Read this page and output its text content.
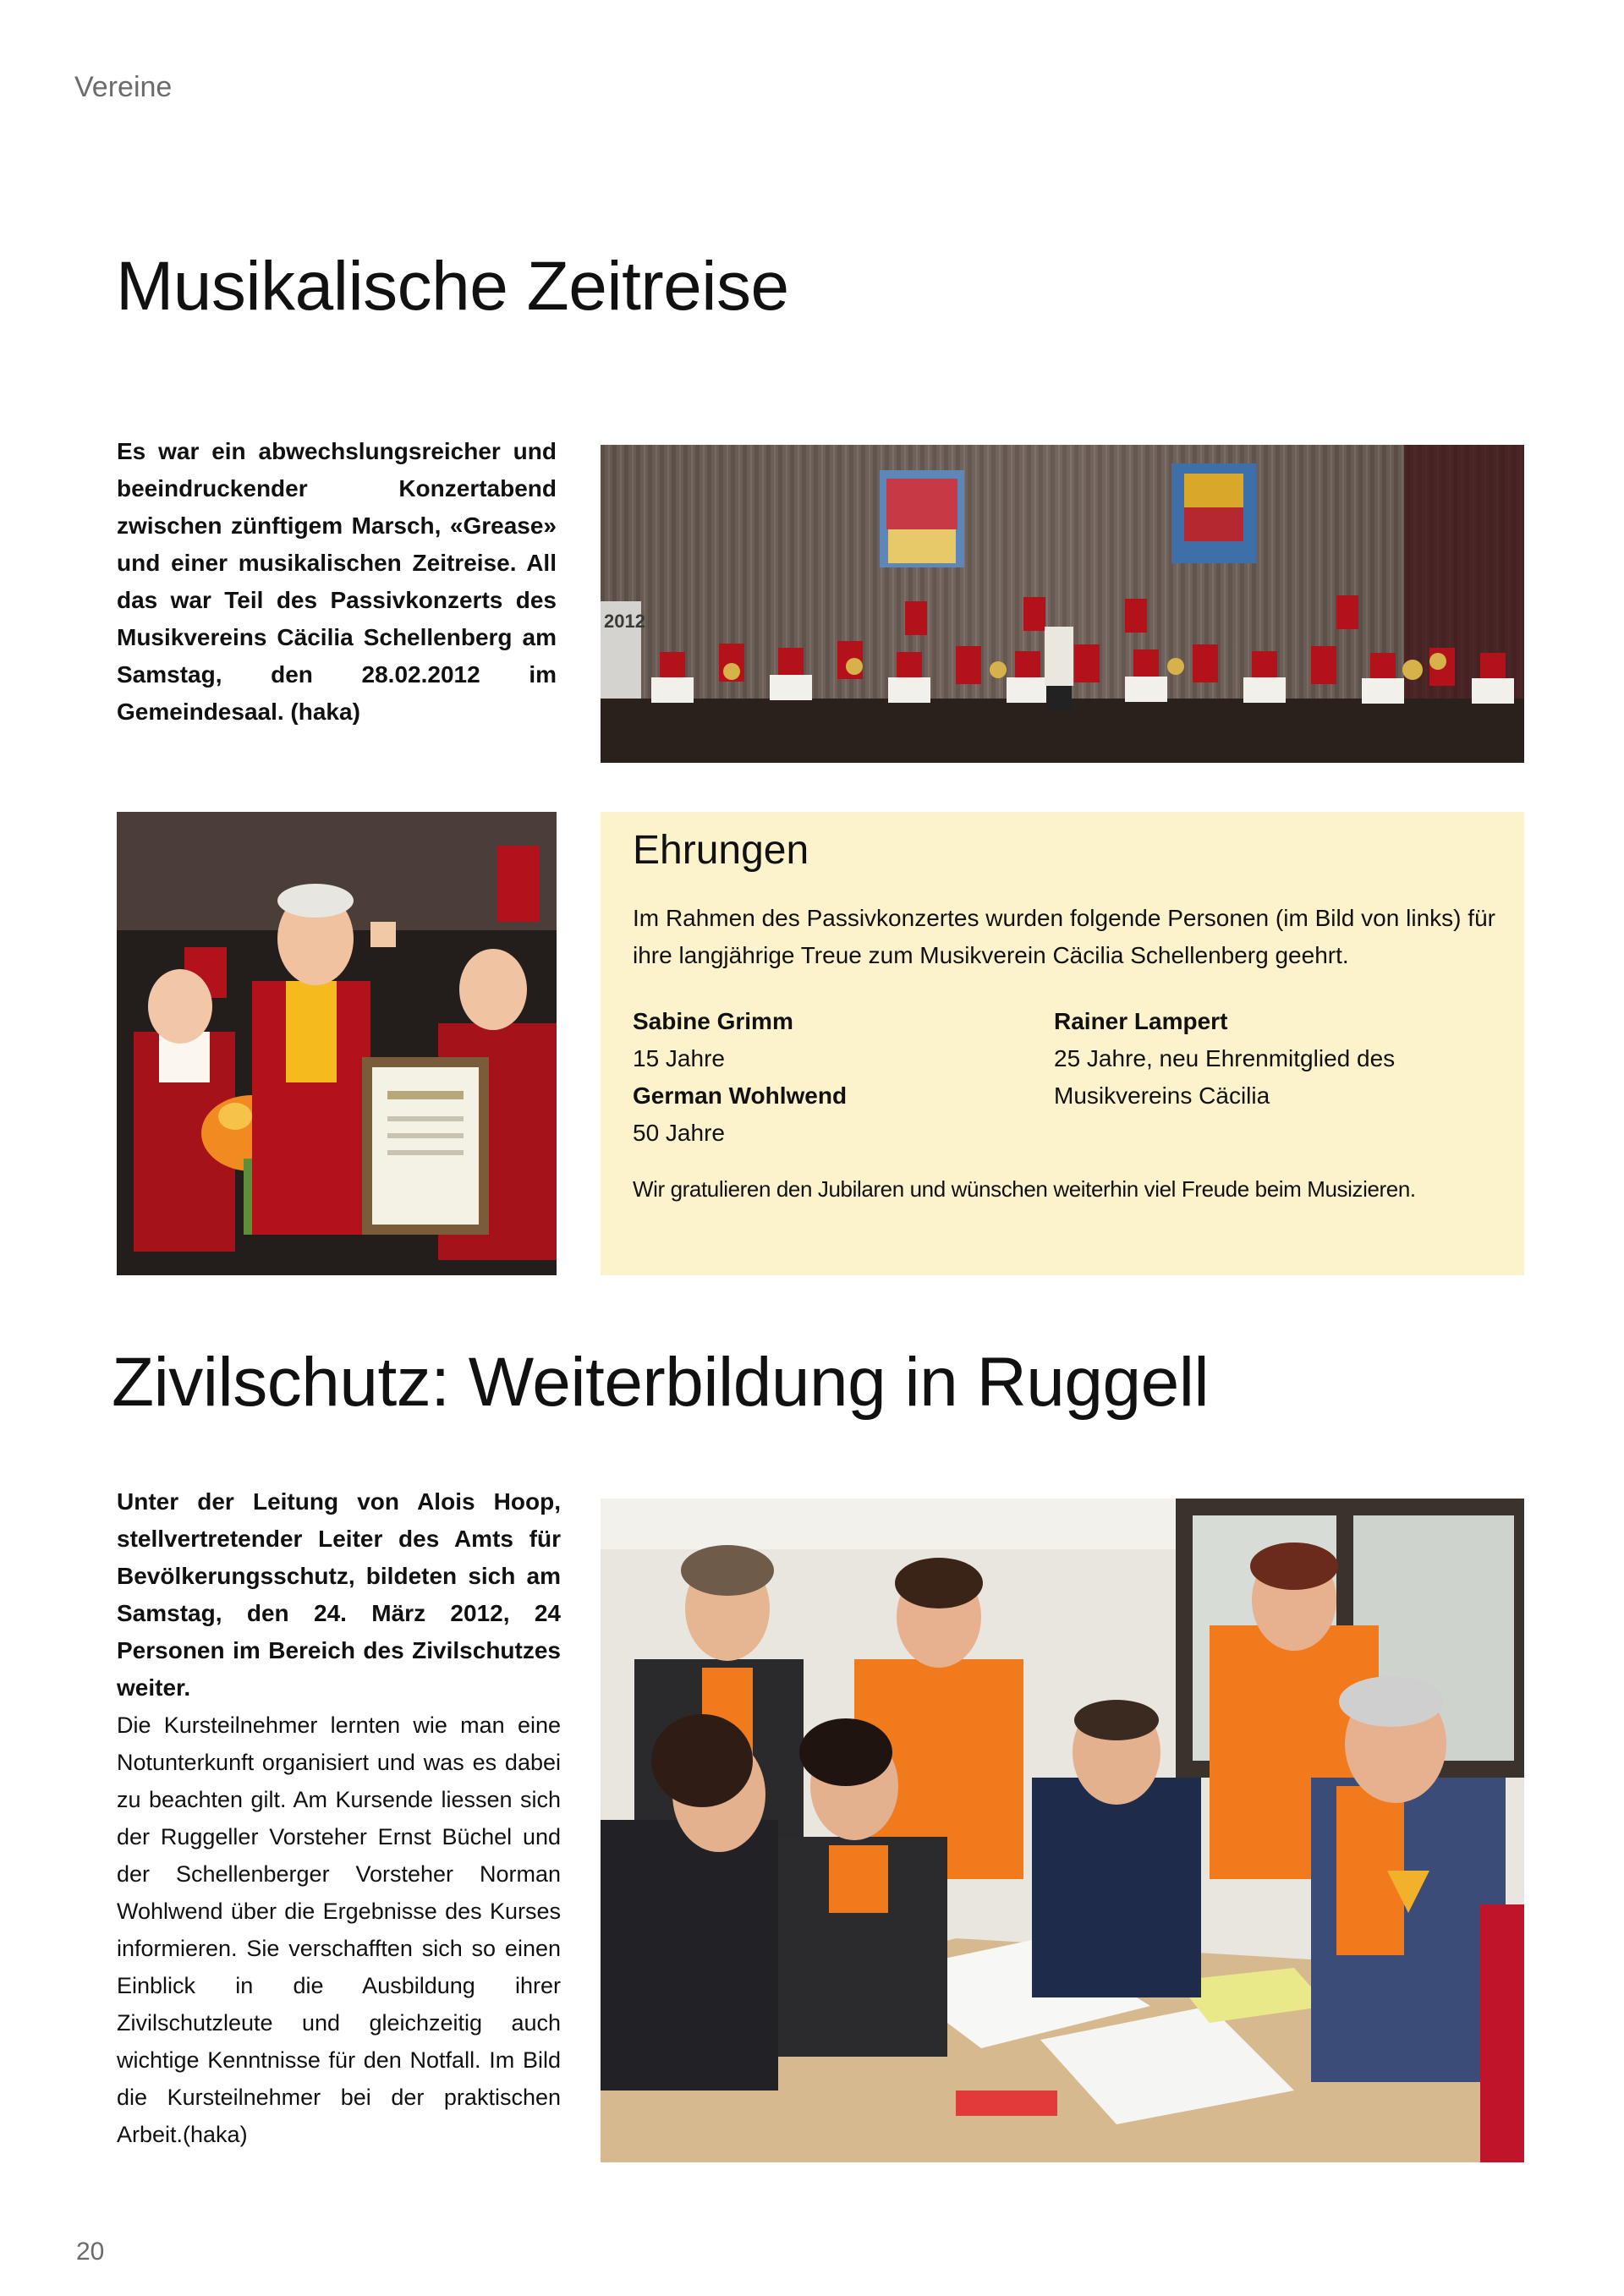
Vereine
Musikalische Zeitreise

Es war ein abwechslungsreicher und beeindruckender Konzertabend zwischen zünftigem Marsch, «Grease» und einer musikalischen Zeitreise. All das war Teil des Passivkonzerts des Musikvereins Cäcilia Schellenberg am Samstag, den 28.02.2012 im Gemeindesaal. (haka)

2012
Ehrungen

Im Rahmen des Passivkonzertes wurden folgende Personen (im Bild von links) für ihre langjährige Treue zum Musikverein Cäcilia Schellenberg geehrt.

Sabine Grimm
15 Jahre
German Wohlwend
50 Jahre
Rainer Lampert
25 Jahre, neu Ehrenmitglied des Musikvereins Cäcilia
Wir gratulieren den Jubilaren und wünschen weiterhin viel Freude beim Musizieren.
Zivilschutz: Weiterbildung in Ruggell
Unter der Leitung von Alois Hoop, stellvertretender Leiter des Amts für Bevölkerungsschutz, bildeten sich am Samstag, den 24. März 2012, 24 Personen im Bereich des Zivilschutzes weiter.
Die Kursteilnehmer lernten wie man eine Notunterkunft organisiert und was es dabei zu beachten gilt. Am Kursende liessen sich der Ruggeller Vorsteher Ernst Büchel und der Schellenberger Vorsteher Norman Wohlwend über die Ergebnisse des Kurses informieren. Sie verschafften sich so einen Einblick in die Ausbildung ihrer Zivilschutzleute und gleichzeitig auch wichtige Kenntnisse für den Notfall. Im Bild die Kursteilnehmer bei der praktischen Arbeit.(haka)
20
